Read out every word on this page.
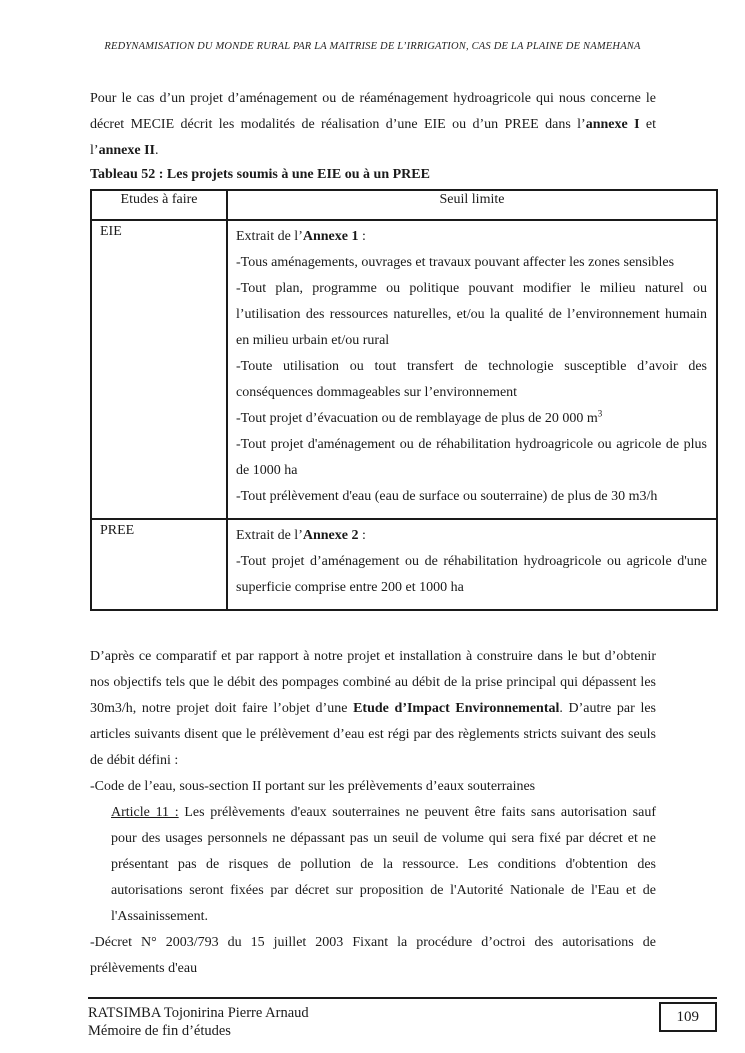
REDYNAMISATION DU MONDE RURAL PAR LA MAITRISE DE L’IRRIGATION, CAS DE LA PLAINE DE NAMEHANA

Pour le cas d’un projet d’aménagement ou de réaménagement hydroagricole qui nous concerne le décret MECIE décrit les modalités de réalisation d’une EIE ou d’un PREE dans l’annexe I et l’annexe II.

Tableau 52 : Les projets soumis à une EIE ou à un PREE

Etudes à faire	Seuil limite
EIE	Extrait de l’Annexe 1 :

-Tous aménagements, ouvrages et travaux pouvant affecter les zones sensibles

-Tout plan, programme ou politique pouvant modifier le milieu naturel ou l’utilisation des ressources naturelles, et/ou la qualité de l’environnement humain en milieu urbain et/ou rural

-Toute utilisation ou tout transfert de technologie susceptible d’avoir des conséquences dommageables sur l’environnement

-Tout projet d’évacuation ou de remblayage de plus de 20 000 $m^3$

-Tout projet d'aménagement ou de réhabilitation hydroagricole ou agricole de plus de 1000 ha

-Tout prélèvement d'eau (eau de surface ou souterraine) de plus de 30 m3/h

PREE	Extrait de l’Annexe 2 :

-Tout projet d’aménagement ou de réhabilitation hydroagricole ou agricole d'une superficie comprise entre 200 et 1000 ha

D’après ce comparatif et par rapport à notre projet et installation à construire dans le but d’obtenir nos objectifs tels que le débit des pompages combiné au débit de la prise principal qui dépassent les 30m3/h, notre projet doit faire l’objet d’une Etude d’Impact Environnemental. D’autre par les articles suivants disent que le prélèvement d’eau est régi par des règlements stricts suivant des seuls de débit défini :

-Code de l’eau, sous-section II portant sur les prélèvements d’eaux souterraines

Article 11 : Les prélèvements d'eaux souterraines ne peuvent être faits sans autorisation sauf pour des usages personnels ne dépassant pas un seuil de volume qui sera fixé par décret et ne présentant pas de risques de pollution de la ressource. Les conditions d'obtention des autorisations seront fixées par décret sur proposition de l'Autorité Nationale de l'Eau et de l'Assainissement.

-Décret N° 2003/793 du 15 juillet 2003 Fixant la procédure d’octroi des autorisations de prélèvements d'eau

RATSIMBA Tojonirina Pierre Arnaud
Mémoire de fin d’études
109
